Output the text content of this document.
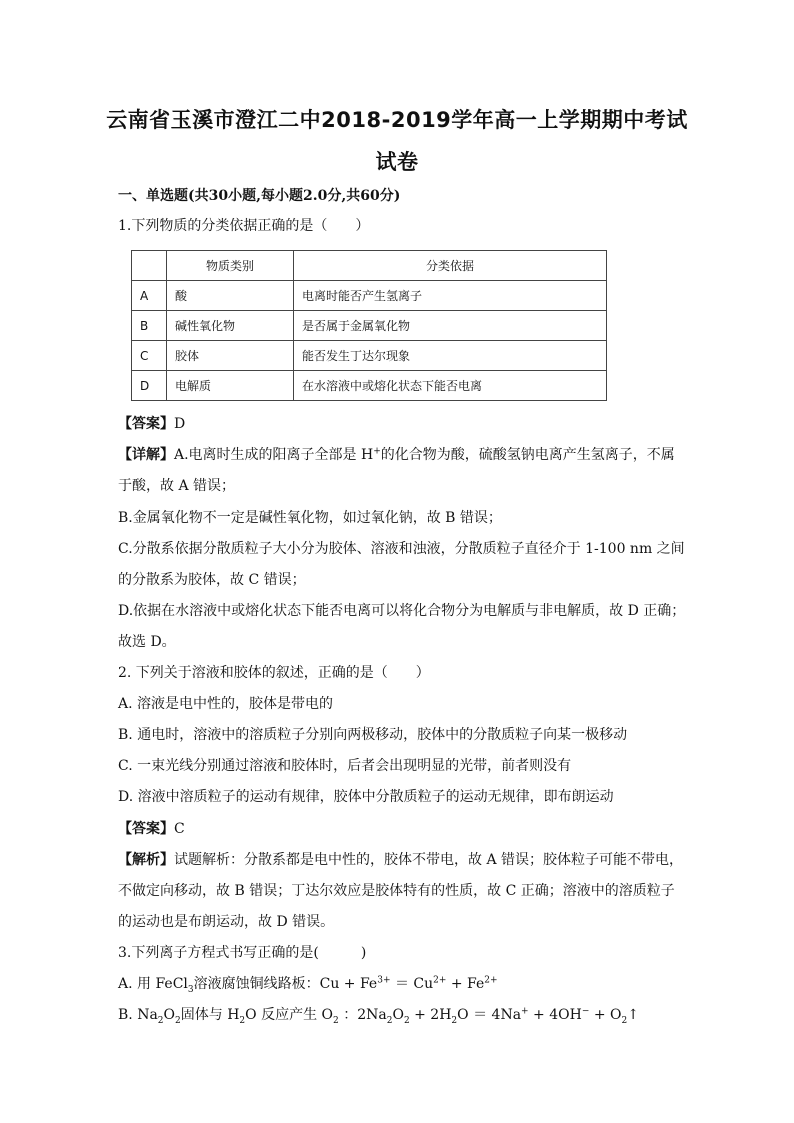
云南省玉溪市澄江二中2018-2019学年高一上学期期中考试
试卷
一、单选题(共30小题,每小题2.0分,共60分)
1.下列物质的分类依据正确的是（　　）
	物质类别	分类依据
A	酸	电离时能否产生氢离子
B	碱性氧化物	是否属于金属氧化物
C	胶体	能否发生丁达尔现象
D	电解质	在水溶液中或熔化状态下能否电离
【答案】D
【详解】A.电离时生成的阳离子全部是 H+的化合物为酸，硫酸氢钠电离产生氢离子，不属
于酸，故 A 错误；
B.金属氧化物不一定是碱性氧化物，如过氧化钠，故 B 错误；
C.分散系依据分散质粒子大小分为胶体、溶液和浊液，分散质粒子直径介于 1-100 nm 之间
的分散系为胶体，故 C 错误；
D.依据在水溶液中或熔化状态下能否电离可以将化合物分为电解质与非电解质，故 D 正确；
故选 D。
2. 下列关于溶液和胶体的叙述，正确的是（　　）
A. 溶液是电中性的，胶体是带电的
B. 通电时，溶液中的溶质粒子分别向两极移动，胶体中的分散质粒子向某一极移动
C. 一束光线分别通过溶液和胶体时，后者会出现明显的光带，前者则没有
D. 溶液中溶质粒子的运动有规律，胶体中分散质粒子的运动无规律，即布朗运动
【答案】C
【解析】试题解析：分散系都是电中性的，胶体不带电，故 A 错误；胶体粒子可能不带电，
不做定向移动，故 B 错误；丁达尔效应是胶体特有的性质，故 C 正确；溶液中的溶质粒子
的运动也是布朗运动，故 D 错误。
3.下列离子方程式书写正确的是(　　　)
A. 用 FeCl$_3$溶液腐蚀铜线路板：$Cu + Fe^{3+} = Cu^{2+} + Fe^{2+}$
B. $Na_2O_2$固体与 $H_2O$ 反应产生 $O_2$ ：$2Na_2O_2 + 2H_2O = 4Na^+ + 4OH^-$ + $O_2↑$
